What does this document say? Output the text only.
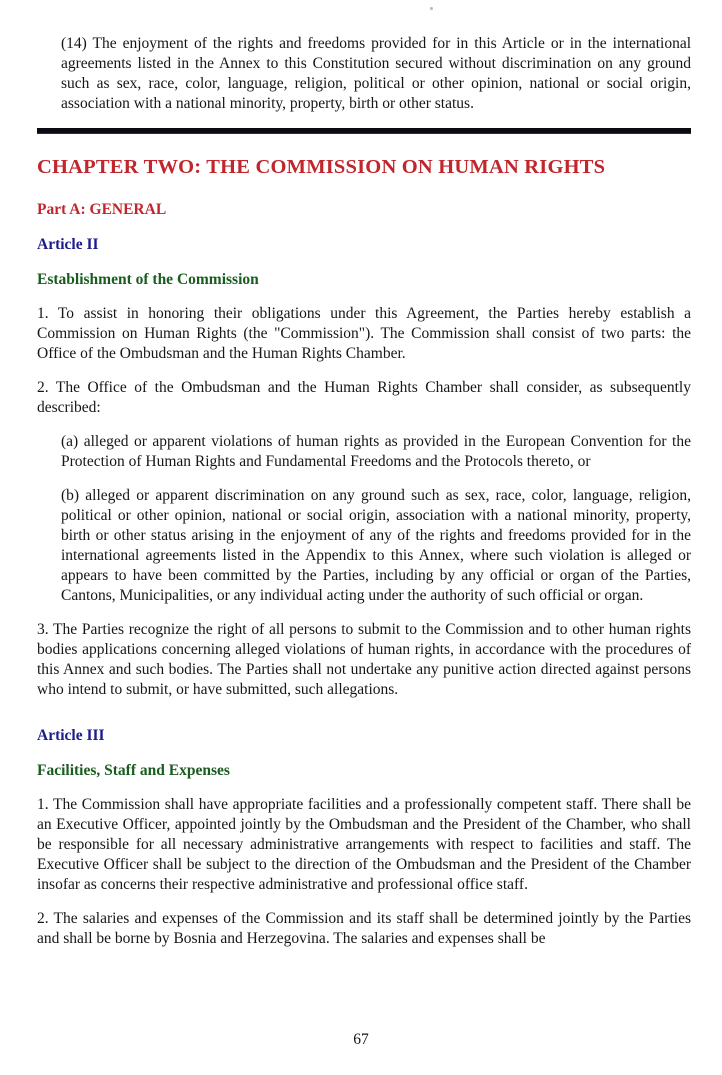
(14) The enjoyment of the rights and freedoms provided for in this Article or in the international agreements listed in the Annex to this Constitution secured without discrimination on any ground such as sex, race, color, language, religion, political or other opinion, national or social origin, association with a national minority, property, birth or other status.

CHAPTER TWO: THE COMMISSION ON HUMAN RIGHTS
Part A: GENERAL
Article II
Establishment of the Commission

1. To assist in honoring their obligations under this Agreement, the Parties hereby establish a Commission on Human Rights (the "Commission"). The Commission shall consist of two parts: the Office of the Ombudsman and the Human Rights Chamber.

2. The Office of the Ombudsman and the Human Rights Chamber shall consider, as subsequently described:

(a) alleged or apparent violations of human rights as provided in the European Convention for the Protection of Human Rights and Fundamental Freedoms and the Protocols thereto, or

(b) alleged or apparent discrimination on any ground such as sex, race, color, language, religion, political or other opinion, national or social origin, association with a national minority, property, birth or other status arising in the enjoyment of any of the rights and freedoms provided for in the international agreements listed in the Appendix to this Annex, where such violation is alleged or appears to have been committed by the Parties, including by any official or organ of the Parties, Cantons, Municipalities, or any individual acting under the authority of such official or organ.

3. The Parties recognize the right of all persons to submit to the Commission and to other human rights bodies applications concerning alleged violations of human rights, in accordance with the procedures of this Annex and such bodies. The Parties shall not undertake any punitive action directed against persons who intend to submit, or have submitted, such allegations.

Article III
Facilities, Staff and Expenses

1. The Commission shall have appropriate facilities and a professionally competent staff. There shall be an Executive Officer, appointed jointly by the Ombudsman and the President of the Chamber, who shall be responsible for all necessary administrative arrangements with respect to facilities and staff. The Executive Officer shall be subject to the direction of the Ombudsman and the President of the Chamber insofar as concerns their respective administrative and professional office staff.

2. The salaries and expenses of the Commission and its staff shall be determined jointly by the Parties and shall be borne by Bosnia and Herzegovina. The salaries and expenses shall be

67
